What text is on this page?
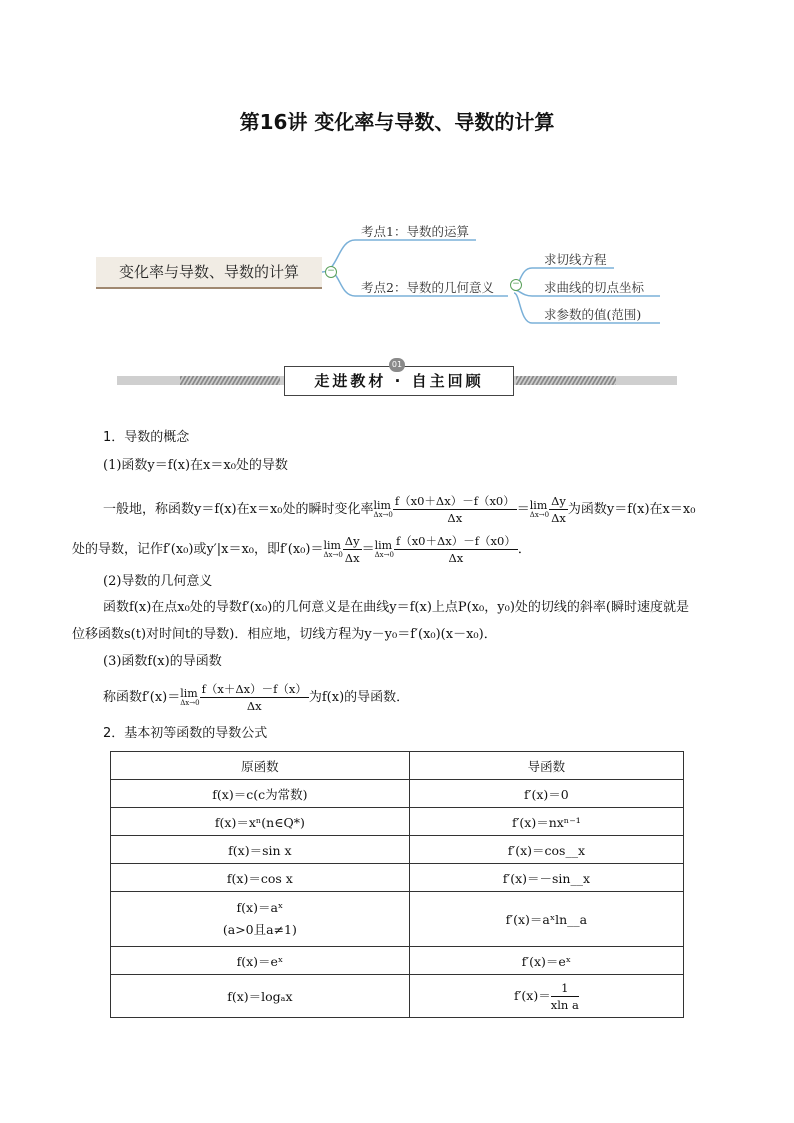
第16讲 变化率与导数、导数的计算
变化率与导数、导数的计算	−
考点1：导数的运算
考点2：导数的几何意义 −
求切线方程
求曲线的切点坐标
求参数的值(范围)
走进教材 · 自主回顾
01
1．导数的概念
(1)函数y＝f(x)在x＝x₀处的导数
一般地，称函数y＝f(x)在x＝x₀处的瞬时变化率lim
$\Delta x\to 0 \frac{f(x0+\Delta x)-f(x0)}{\Delta x} =\lim$
$\Delta x\to 0 \frac{\Delta y}{\Delta x}$ 为函数y＝f(x)在x＝x₀
处的导数，记作f′(x₀)或y′|x＝x₀，即f′(x₀)＝lim
$\Delta x\to 0 \frac{\Delta y}{\Delta x} =\lim$
$\Delta x\to 0 \frac{f(x0+\Delta x)-f(x0)}{\Delta x}$ ．
(2)导数的几何意义
函数f(x)在点x₀处的导数f′(x₀)的几何意义是在曲线y＝f(x)上点P(x₀，y₀)处的切线的斜率(瞬时速度就是
位移函数s(t)对时间t的导数)．相应地，切线方程为y－y₀＝f′(x₀)(x－x₀)．
(3)函数f(x)的导函数
称函数f′(x)＝lim
$\Delta x\to 0 \frac{f(x+\Delta x)-f(x)}{\Delta x}$ 为f(x)的导函数．
2．基本初等函数的导数公式
原函数	导函数
f(x)＝c(c为常数)	f′(x)＝0
f(x)＝xⁿ(n∈Q*)	f′(x)＝nxⁿ⁻¹
f(x)＝sin x	f′(x)＝cos__x
f(x)＝cos x	f′(x)＝－sin__x

f(x)＝aˣ
(a>0且a≠1)	f′(x)＝aˣln__a
f(x)＝eˣ	f′(x)＝eˣ
f(x)＝logₐx	$f'(x)= \frac{1}{\text{xln a}}$
